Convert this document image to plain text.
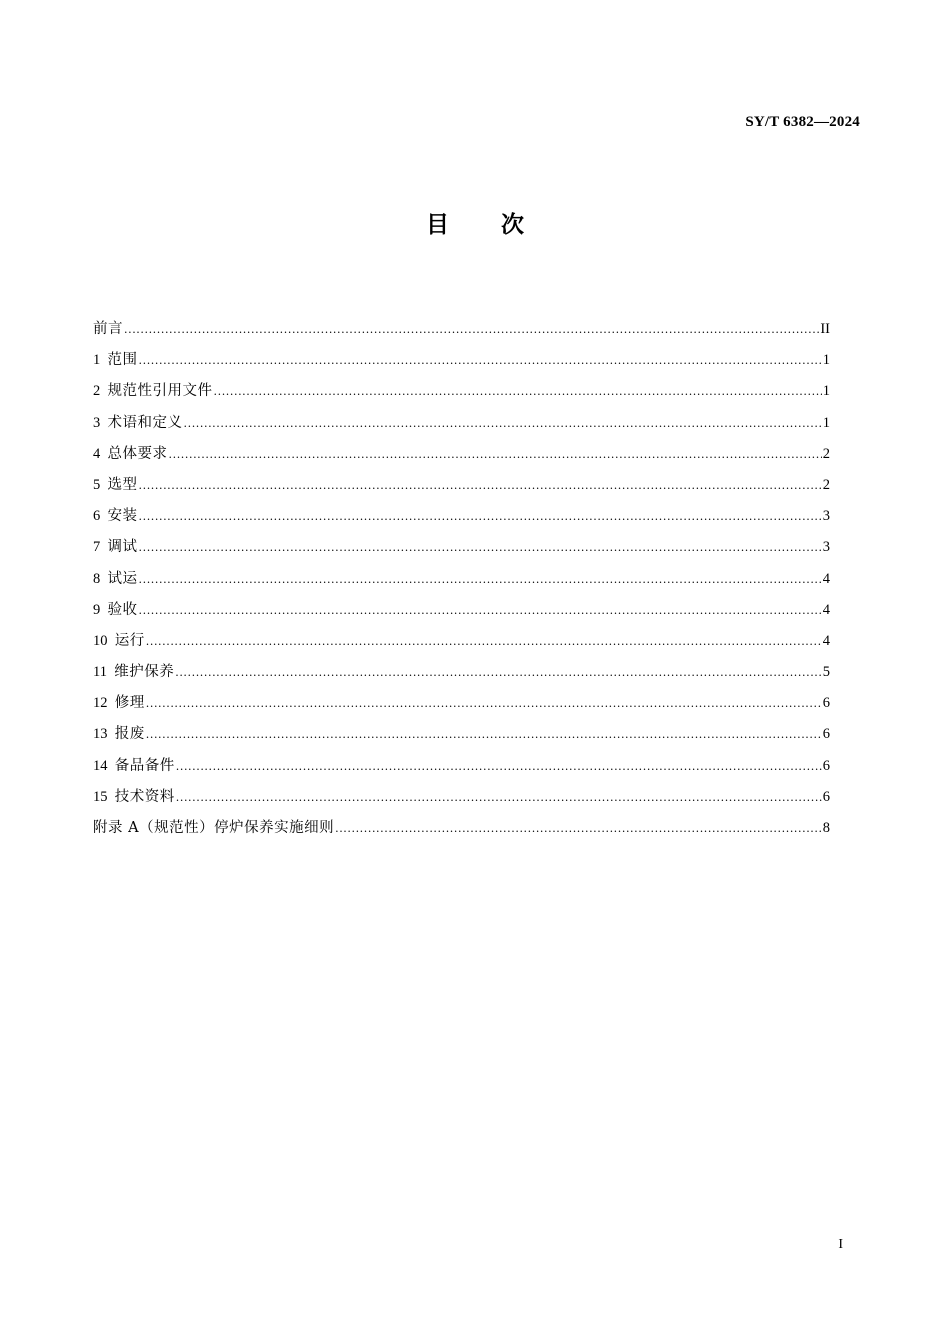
SY/T 6382—2024
目 次
前言 .....	II
1 范围 .....	1
2 规范性引用文件 .....	1
3 术语和定义 .....	1
4 总体要求 .....	2
5 选型 .....	2
6 安装 .....	3
7 调试 .....	3
8 试运 .....	4
9 验收 .....	4
10 运行 .....	4
11 维护保养 .....	5
12 修理 .....	6
13 报废 .....	6
14 备品备件 .....	6
15 技术资料 .....	6
附录 A（规范性）停炉保养实施细则 .....	8
I
